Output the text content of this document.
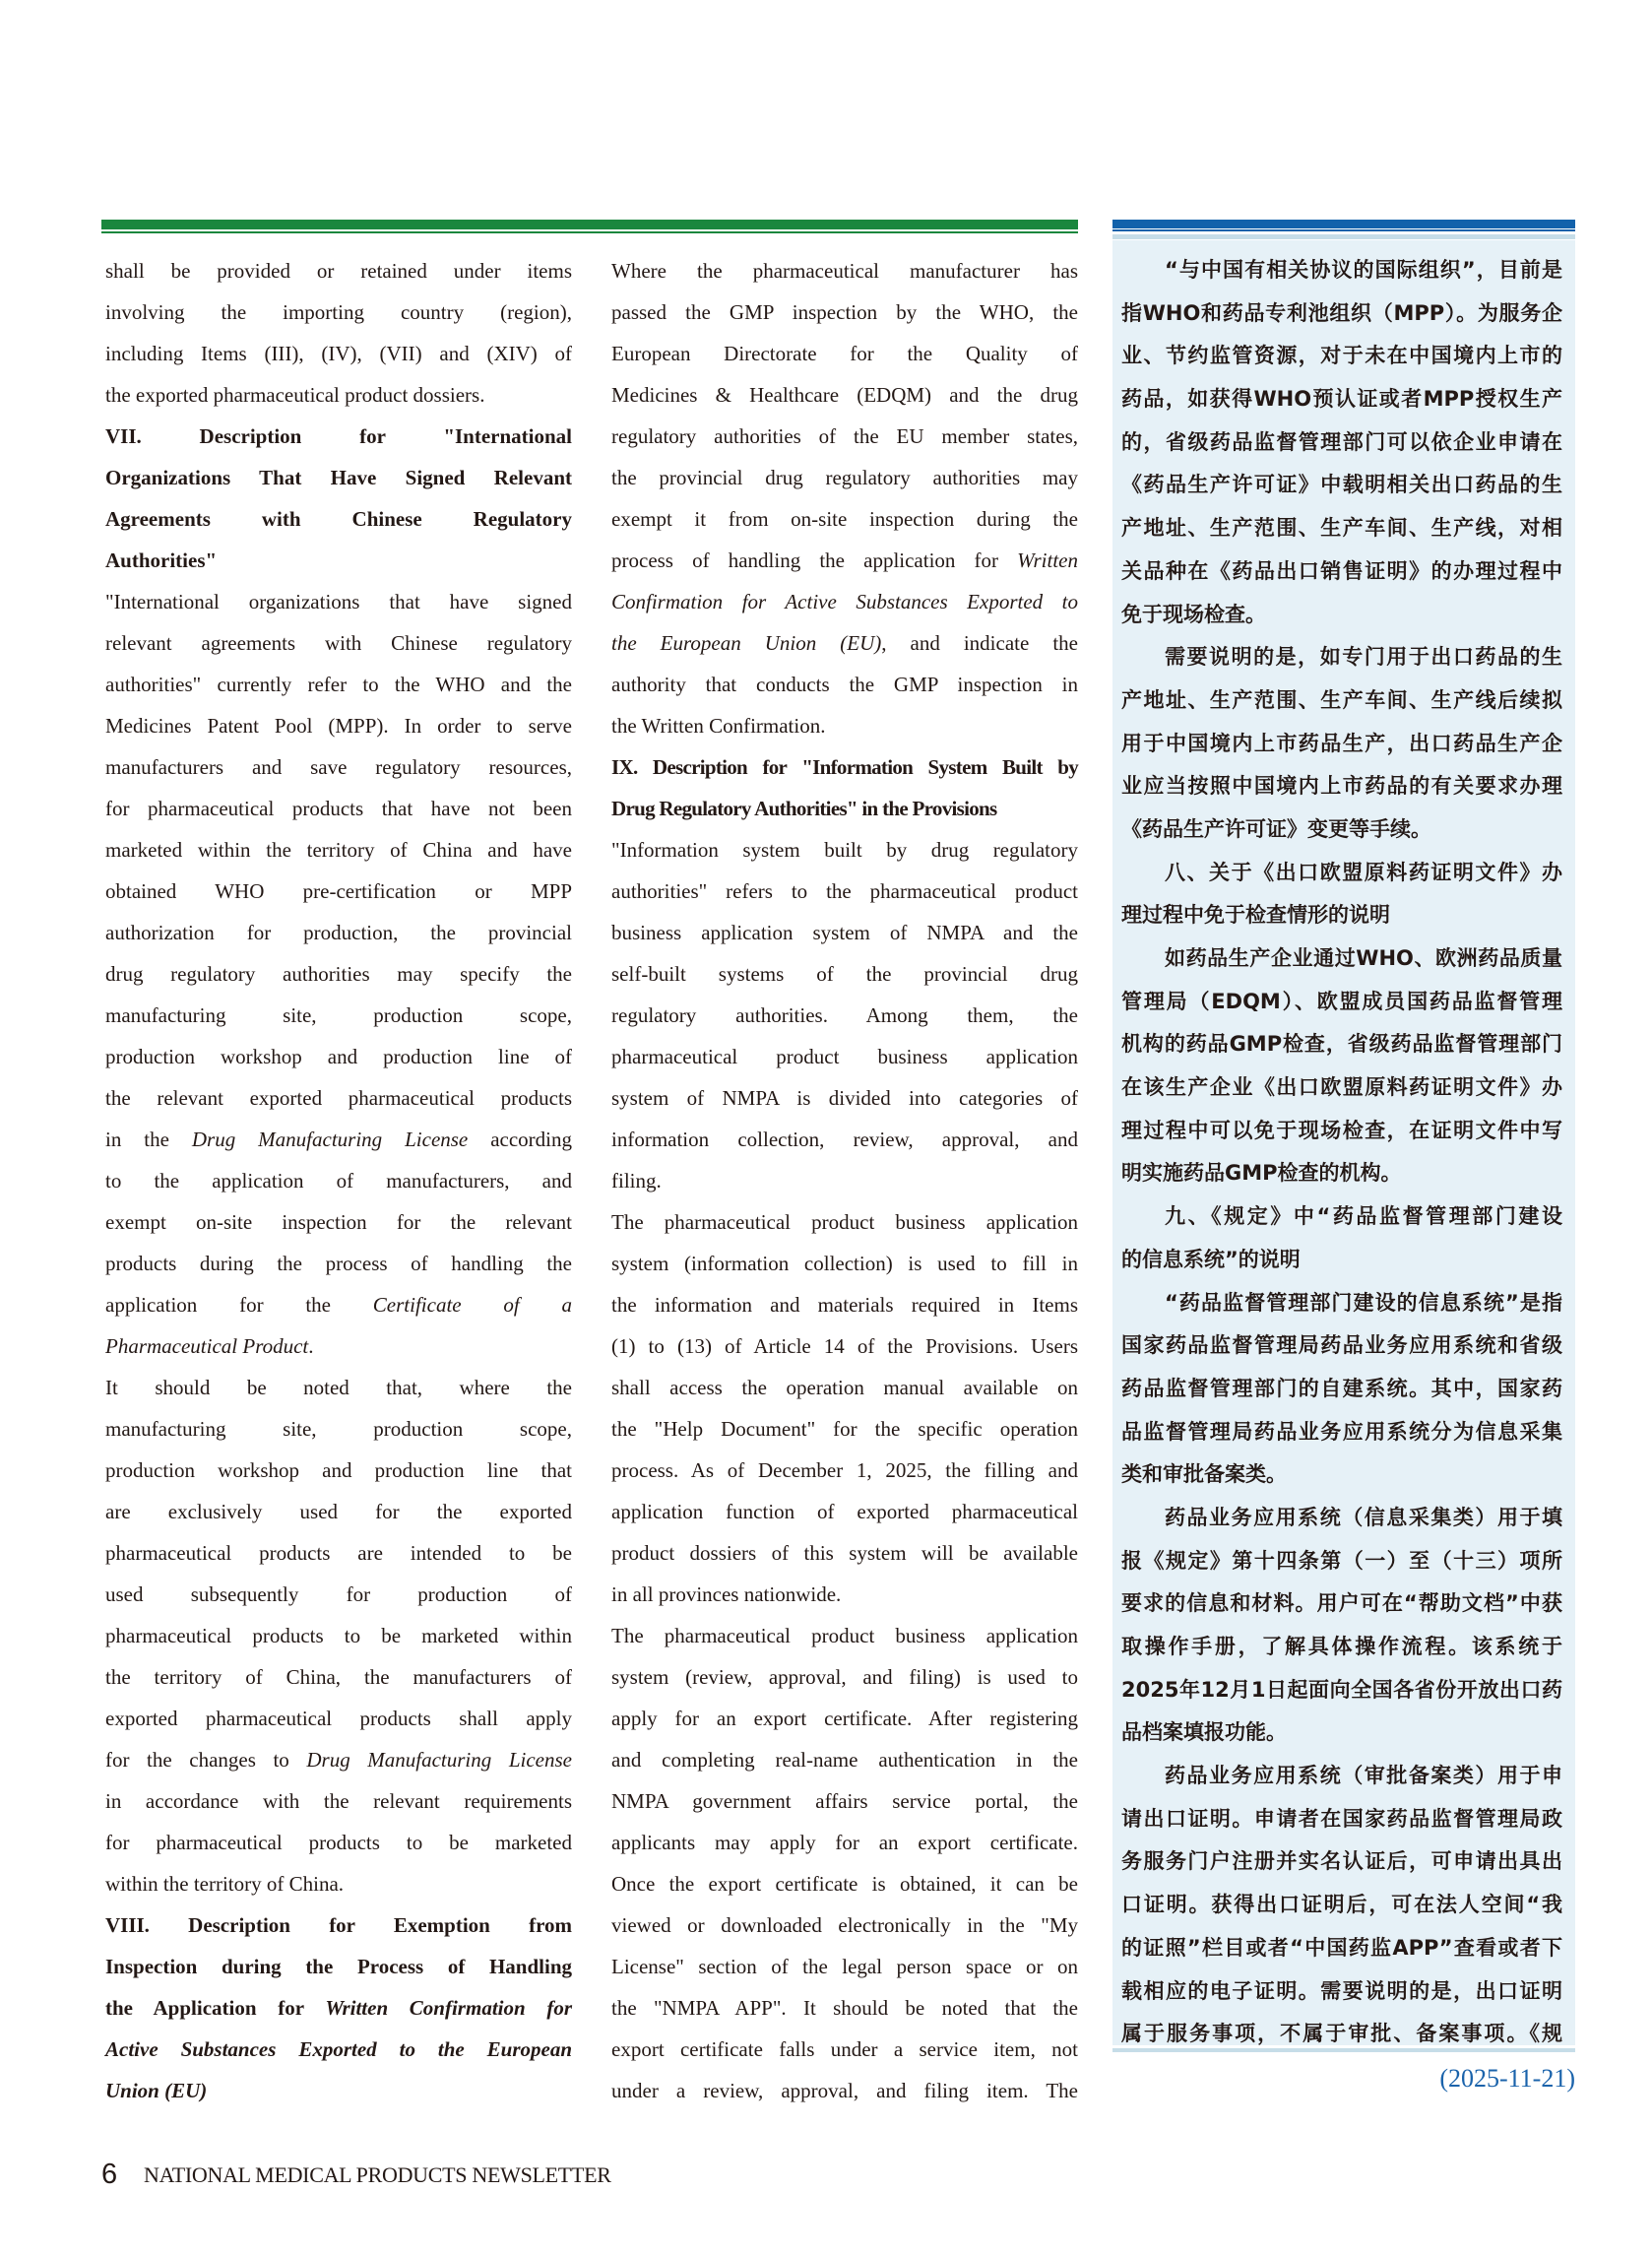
shall be provided or retained under items
involving the importing country (region),
including Items (III), (IV), (VII) and (XIV) of
the exported pharmaceutical product dossiers.
VII. Description for "International
Organizations That Have Signed Relevant
Agreements with Chinese Regulatory
Authorities"
"International organizations that have signed
relevant agreements with Chinese regulatory
authorities" currently refer to the WHO and the
Medicines Patent Pool (MPP). In order to serve
manufacturers and save regulatory resources,
for pharmaceutical products that have not been
marketed within the territory of China and have
obtained WHO pre-certification or MPP
authorization for production, the provincial
drug regulatory authorities may specify the
manufacturing site, production scope,
production workshop and production line of
the relevant exported pharmaceutical products
in the Drug Manufacturing License according
to the application of manufacturers, and
exempt on-site inspection for the relevant
products during the process of handling the
application for the Certificate of a
Pharmaceutical Product.
It should be noted that, where the
manufacturing site, production scope,
production workshop and production line that
are exclusively used for the exported
pharmaceutical products are intended to be
used subsequently for production of
pharmaceutical products to be marketed within
the territory of China, the manufacturers of
exported pharmaceutical products shall apply
for the changes to Drug Manufacturing License
in accordance with the relevant requirements
for pharmaceutical products to be marketed
within the territory of China.
VIII. Description for Exemption from
Inspection during the Process of Handling
the Application for Written Confirmation for
Active Substances Exported to the European
Union (EU)
Where the pharmaceutical manufacturer has
passed the GMP inspection by the WHO, the
European Directorate for the Quality of
Medicines & Healthcare (EDQM) and the drug
regulatory authorities of the EU member states,
the provincial drug regulatory authorities may
exempt it from on-site inspection during the
process of handling the application for Written
Confirmation for Active Substances Exported to
the European Union (EU), and indicate the
authority that conducts the GMP inspection in
the Written Confirmation.
IX. Description for "Information System Built by
Drug Regulatory Authorities" in the Provisions
"Information system built by drug regulatory
authorities" refers to the pharmaceutical product
business application system of NMPA and the
self-built systems of the provincial drug
regulatory authorities. Among them, the
pharmaceutical product business application
system of NMPA is divided into categories of
information collection, review, approval, and
filing.
The pharmaceutical product business application
system (information collection) is used to fill in
the information and materials required in Items
(1) to (13) of Article 14 of the Provisions. Users
shall access the operation manual available on
the "Help Document" for the specific operation
process. As of December 1, 2025, the filling and
application function of exported pharmaceutical
product dossiers of this system will be available
in all provinces nationwide.
The pharmaceutical product business application
system (review, approval, and filing) is used to
apply for an export certificate. After registering
and completing real-name authentication in the
NMPA government affairs service portal, the
applicants may apply for an export certificate.
Once the export certificate is obtained, it can be
viewed or downloaded electronically in the "My
License" section of the legal person space or on
the "NMPA APP". It should be noted that the
export certificate falls under a service item, not
under a review, approval, and filing item. The
“与中国有相关协议的国际组织”，目前是
指WHO和药品专利池组织（MPP）。为服务企
业、节约监管资源，对于未在中国境内上市的
药品，如获得WHO预认证或者MPP授权生产
的，省级药品监督管理部门可以依企业申请在
《药品生产许可证》中载明相关出口药品的生
产地址、生产范围、生产车间、生产线，对相
关品种在《药品出口销售证明》的办理过程中
免于现场检查。
需要说明的是，如专门用于出口药品的生
产地址、生产范围、生产车间、生产线后续拟
用于中国境内上市药品生产，出口药品生产企
业应当按照中国境内上市药品的有关要求办理
《药品生产许可证》变更等手续。
八、关于《出口欧盟原料药证明文件》办
理过程中免于检查情形的说明
如药品生产企业通过WHO、欧洲药品质量
管理局（EDQM）、欧盟成员国药品监督管理
机构的药品GMP检查，省级药品监督管理部门
在该生产企业《出口欧盟原料药证明文件》办
理过程中可以免于现场检查，在证明文件中写
明实施药品GMP检查的机构。
九、《规定》中“药品监督管理部门建设
的信息系统”的说明
“药品监督管理部门建设的信息系统”是指
国家药品监督管理局药品业务应用系统和省级
药品监督管理部门的自建系统。其中，国家药
品监督管理局药品业务应用系统分为信息采集
类和审批备案类。
药品业务应用系统（信息采集类）用于填
报《规定》第十四条第（一）至（十三）项所
要求的信息和材料。用户可在“帮助文档”中获
取操作手册，了解具体操作流程。该系统于
2025年12月1日起面向全国各省份开放出口药
品档案填报功能。
药品业务应用系统（审批备案类）用于申
请出口证明。申请者在国家药品监督管理局政
务服务门户注册并实名认证后，可申请出具出
口证明。获得出口证明后，可在法人空间“我
的证照”栏目或者“中国药监APP”查看或者下
载相应的电子证明。需要说明的是，出口证明
属于服务事项，不属于审批、备案事项。《规
(2025-11-21)
6 NATIONAL MEDICAL PRODUCTS NEWSLETTER
